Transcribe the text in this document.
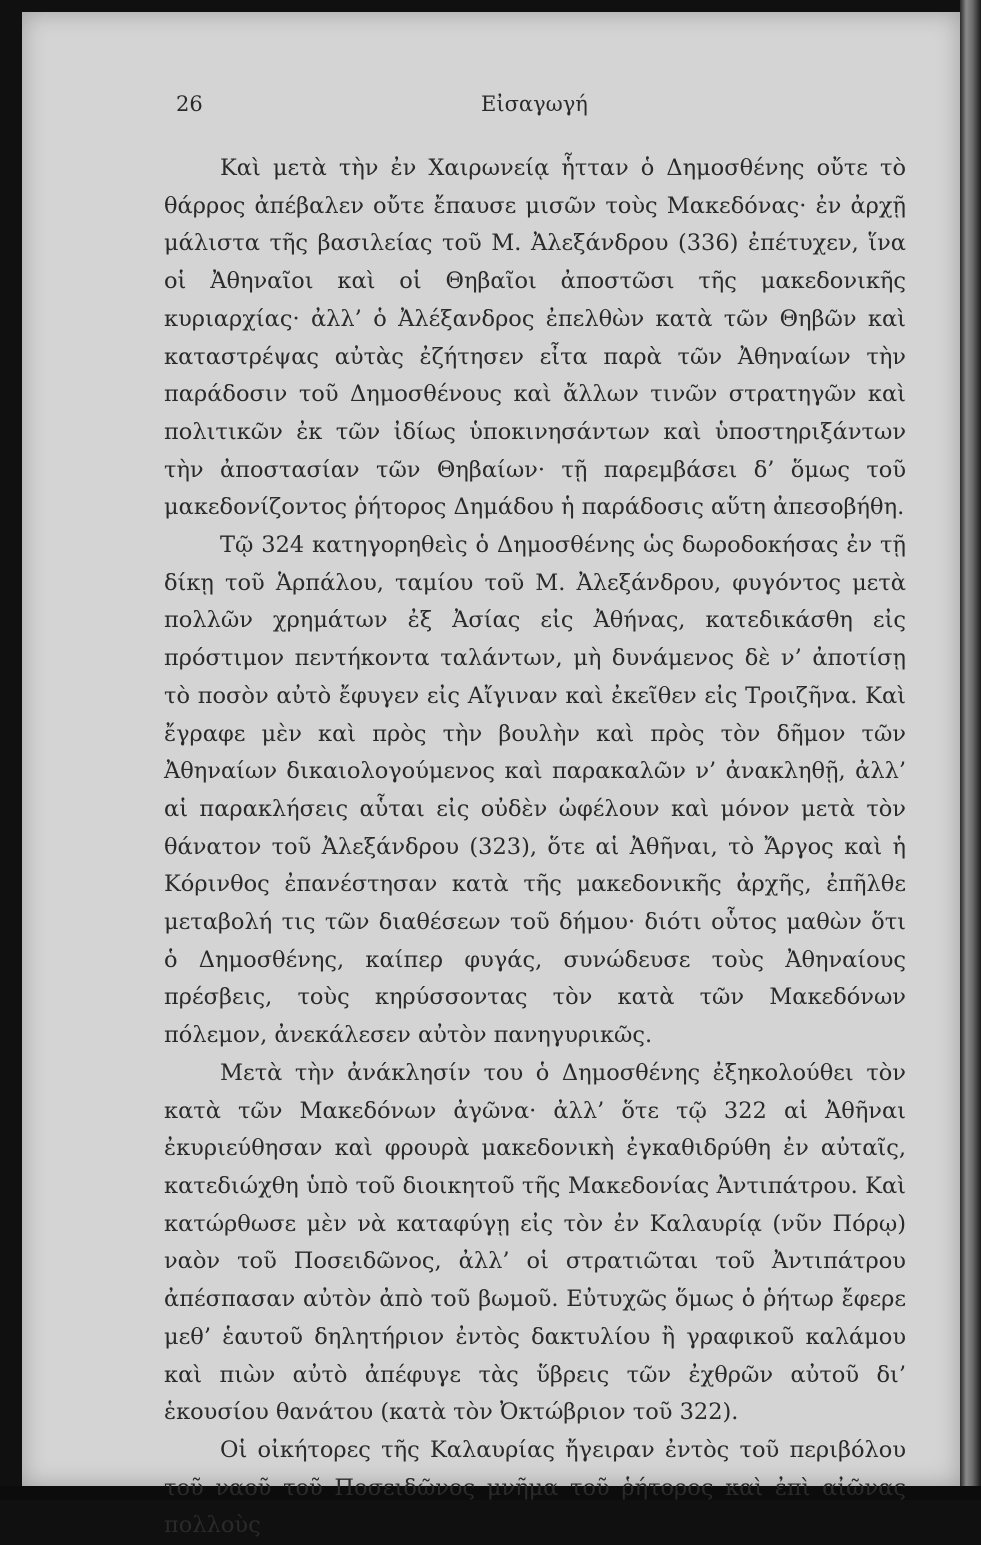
26	Εἰσαγωγή

Καὶ μετὰ τὴν ἐν Χαιρωνείᾳ ἧτταν ὁ Δημοσθένης οὔτε τὸ θάρρος ἀπέβαλεν οὔτε ἔπαυσε μισῶν τοὺς Μακεδόνας· ἐν ἀρχῇ μάλιστα τῆς βασιλείας τοῦ Μ. Ἀλεξάνδρου (336) ἐπέτυχεν, ἵνα οἱ Ἀθηναῖοι καὶ οἱ Θηβαῖοι ἀποστῶσι τῆς μακεδονικῆς κυριαρχίας· ἀλλ’ ὁ Ἀλέξανδρος ἐπελθὼν κατὰ τῶν Θηβῶν καὶ καταστρέψας αὐτὰς ἐζήτησεν εἶτα παρὰ τῶν Ἀθηναίων τὴν παράδοσιν τοῦ Δημοσθένους καὶ ἄλλων τινῶν στρατηγῶν καὶ πολιτικῶν ἐκ τῶν ἰδίως ὑποκινησάντων καὶ ὑποστηριξάντων τὴν ἀποστασίαν τῶν Θηβαίων· τῇ παρεμβάσει δ’ ὅμως τοῦ μακεδονίζοντος ῥήτορος Δημάδου ἡ παράδοσις αὕτη ἀπεσοβήθη.

Τῷ 324 κατηγορηθεὶς ὁ Δημοσθένης ὡς δωροδοκήσας ἐν τῇ δίκῃ τοῦ Ἁρπάλου, ταμίου τοῦ Μ. Ἀλεξάνδρου, φυγόντος μετὰ πολλῶν χρημάτων ἐξ Ἀσίας εἰς Ἀθήνας, κατεδικάσθη εἰς πρόστιμον πεντήκοντα ταλάντων, μὴ δυνάμενος δὲ ν’ ἀποτίσῃ τὸ ποσὸν αὐτὸ ἔφυγεν εἰς Αἴγιναν καὶ ἐκεῖθεν εἰς Τροιζῆνα. Καὶ ἔγραφε μὲν καὶ πρὸς τὴν βουλὴν καὶ πρὸς τὸν δῆμον τῶν Ἀθηναίων δικαιολογούμενος καὶ παρακαλῶν ν’ ἀνακληθῇ, ἀλλ’ αἱ παρακλήσεις αὗται εἰς οὐδὲν ὠφέλουν καὶ μόνον μετὰ τὸν θάνατον τοῦ Ἀλεξάνδρου (323), ὅτε αἱ Ἀθῆναι, τὸ Ἄργος καὶ ἡ Κόρινθος ἐπανέστησαν κατὰ τῆς μακεδονικῆς ἀρχῆς, ἐπῆλθε μεταβολή τις τῶν διαθέσεων τοῦ δήμου· διότι οὗτος μαθὼν ὅτι ὁ Δημοσθένης, καίπερ φυγάς, συνώδευσε τοὺς Ἀθηναίους πρέσβεις, τοὺς κηρύσσοντας τὸν κατὰ τῶν Μακεδόνων πόλεμον, ἀνεκάλεσεν αὐτὸν πανηγυρικῶς.

Μετὰ τὴν ἀνάκλησίν του ὁ Δημοσθένης ἐξηκολούθει τὸν κατὰ τῶν Μακεδόνων ἀγῶνα· ἀλλ’ ὅτε τῷ 322 αἱ Ἀθῆναι ἐκυριεύθησαν καὶ φρουρὰ μακεδονικὴ ἐγκαθιδρύθη ἐν αὐταῖς, κατεδιώχθη ὑπὸ τοῦ διοικητοῦ τῆς Μακεδονίας Ἀντιπάτρου. Καὶ κατώρθωσε μὲν νὰ καταφύγῃ εἰς τὸν ἐν Καλαυρίᾳ (νῦν Πόρῳ) ναὸν τοῦ Ποσειδῶνος, ἀλλ’ οἱ στρατιῶται τοῦ Ἀντιπάτρου ἀπέσπασαν αὐτὸν ἀπὸ τοῦ βωμοῦ. Εὐτυχῶς ὅμως ὁ ῥήτωρ ἔφερε μεθ’ ἑαυτοῦ δηλητήριον ἐντὸς δακτυλίου ἢ γραφικοῦ καλάμου καὶ πιὼν αὐτὸ ἀπέφυγε τὰς ὕβρεις τῶν ἐχθρῶν αὐτοῦ δι’ ἑκουσίου θανάτου (κατὰ τὸν Ὀκτώβριον τοῦ 322).

Οἱ οἰκήτορες τῆς Καλαυρίας ἤγειραν ἐντὸς τοῦ περιβόλου τοῦ ναοῦ τοῦ Ποσειδῶνος μνῆμα τοῦ ῥήτορος καὶ ἐπὶ αἰῶνας πολλοὺς
